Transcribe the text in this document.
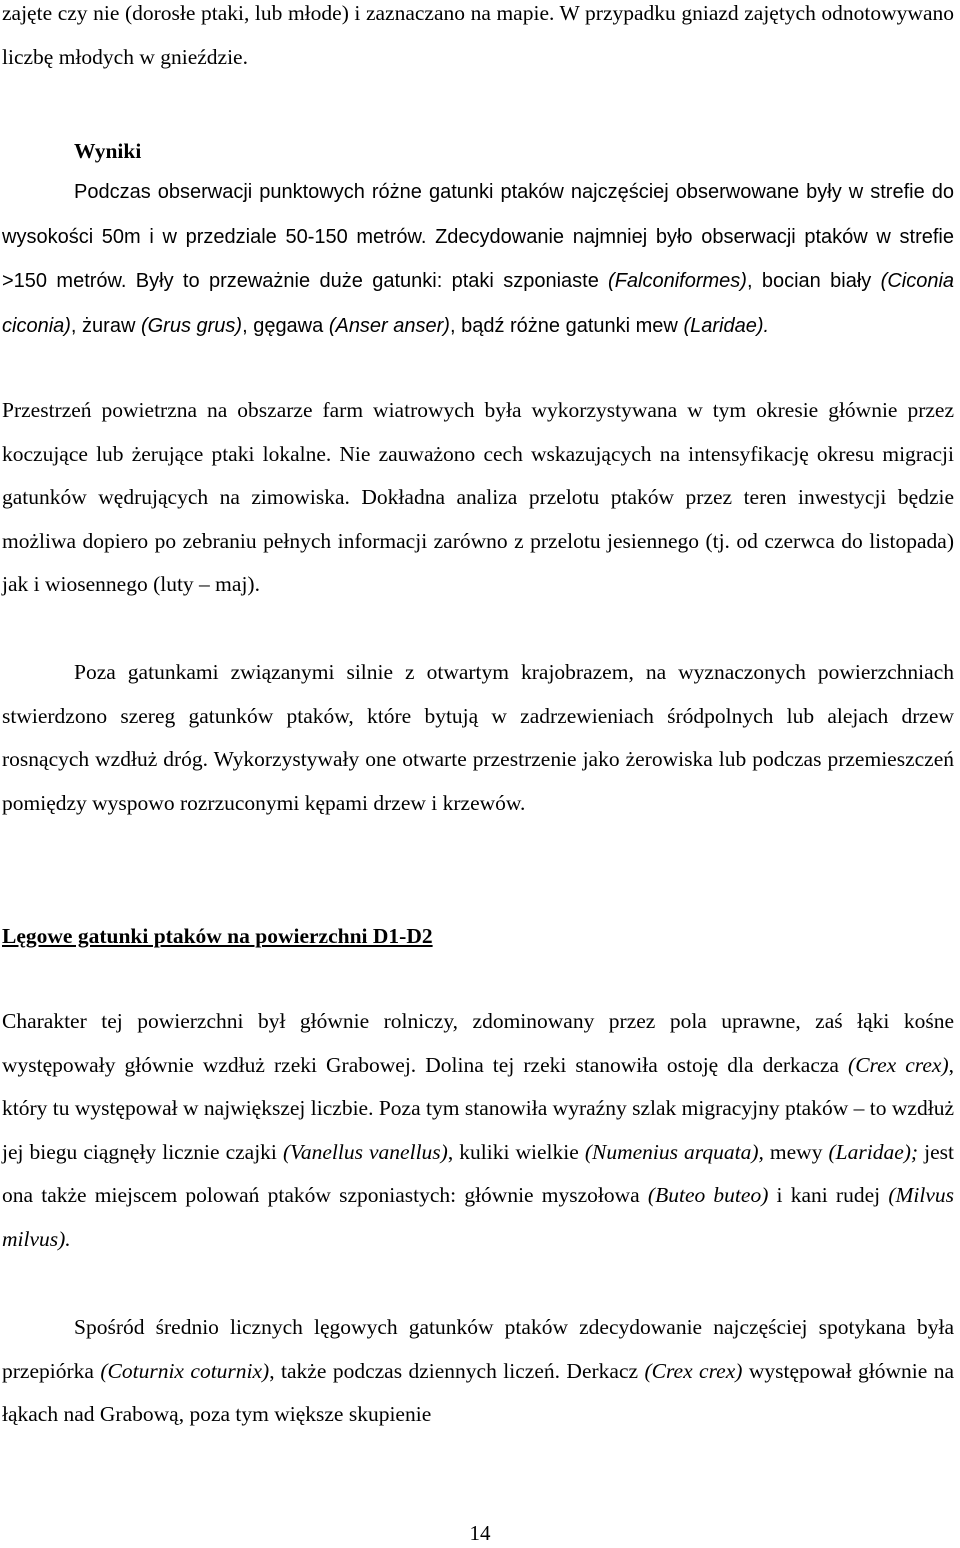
zajęte czy nie (dorosłe ptaki, lub młode) i zaznaczano na mapie. W przypadku gniazd zajętych odnotowywano liczbę młodych w gnieździe.

Wyniki

Podczas obserwacji punktowych różne gatunki ptaków najczęściej obserwowane były w strefie do wysokości 50m i w przedziale 50-150 metrów. Zdecydowanie najmniej było obserwacji ptaków w strefie >150 metrów. Były to przeważnie duże gatunki: ptaki szponiaste (Falconiformes), bocian biały (Ciconia ciconia), żuraw (Grus grus), gęgawa (Anser anser), bądź różne gatunki mew (Laridae).

Przestrzeń powietrzna na obszarze farm wiatrowych była wykorzystywana w tym okresie głównie przez koczujące lub żerujące ptaki lokalne. Nie zauważono cech wskazujących na intensyfikację okresu migracji gatunków wędrujących na zimowiska. Dokładna analiza przelotu ptaków przez teren inwestycji będzie możliwa dopiero po zebraniu pełnych informacji zarówno z przelotu jesiennego (tj. od czerwca do listopada) jak i wiosennego (luty – maj).

Poza gatunkami związanymi silnie z otwartym krajobrazem, na wyznaczonych powierzchniach stwierdzono szereg gatunków ptaków, które bytują w zadrzewieniach śródpolnych lub alejach drzew rosnących wzdłuż dróg. Wykorzystywały one otwarte przestrzenie jako żerowiska lub podczas przemieszczeń pomiędzy wyspowo rozrzuconymi kępami drzew i krzewów.

Lęgowe gatunki ptaków na powierzchni D1-D2

Charakter tej powierzchni był głównie rolniczy, zdominowany przez pola uprawne, zaś łąki kośne występowały głównie wzdłuż rzeki Grabowej. Dolina tej rzeki stanowiła ostoję dla derkacza (Crex crex), który tu występował w największej liczbie. Poza tym stanowiła wyraźny szlak migracyjny ptaków – to wzdłuż jej biegu ciągnęły licznie czajki (Vanellus vanellus), kuliki wielkie (Numenius arquata), mewy (Laridae); jest ona także miejscem polowań ptaków szponiastych: głównie myszołowa (Buteo buteo) i kani rudej (Milvus milvus).

Spośród średnio licznych lęgowych gatunków ptaków zdecydowanie najczęściej spotykana była przepiórka (Coturnix coturnix), także podczas dziennych liczeń. Derkacz (Crex crex) występował głównie na łąkach nad Grabową, poza tym większe skupienie

14
